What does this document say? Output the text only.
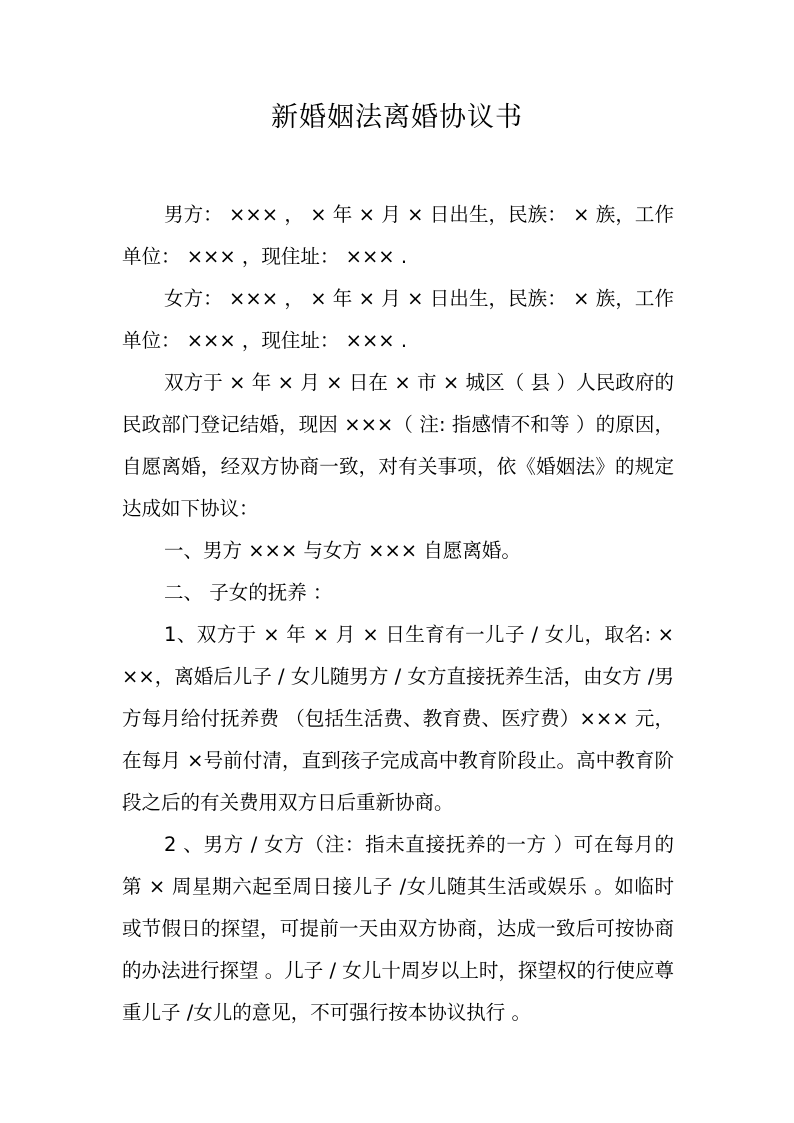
新婚姻法离婚协议书

男方： ××× ， × 年 × 月 × 日出生，民族： × 族，工作单位： ××× ，现住址： ××× .

女方： ××× ， × 年 × 月 × 日出生，民族： × 族，工作单位： ××× ，现住址： ××× .

双方于 × 年 × 月 × 日在 × 市 × 城区（ 县 ）人民政府的民政部门登记结婚，现因 ×××（ 注: 指感情不和等 ）的原因，自愿离婚，经双方协商一致，对有关事项，依《婚姻法》的规定达成如下协议：

一、男方 ××× 与女方 ××× 自愿离婚。

二、 子女的抚养 ：

1、双方于 × 年 × 月 × 日生育有一儿子 / 女儿，取名: ×××，离婚后儿子 / 女儿随男方 / 女方直接抚养生活，由女方 /男方每月给付抚养费 （包括生活费、教育费、医疗费）××× 元，在每月 ×号前付清，直到孩子完成高中教育阶段止。高中教育阶段之后的有关费用双方日后重新协商。

2 、男方 / 女方（注：指未直接抚养的一方 ）可在每月的第 × 周星期六起至周日接儿子 /女儿随其生活或娱乐 。如临时或节假日的探望，可提前一天由双方协商，达成一致后可按协商的办法进行探望 。儿子 / 女儿十周岁以上时，探望权的行使应尊重儿子 /女儿的意见，不可强行按本协议执行 。
